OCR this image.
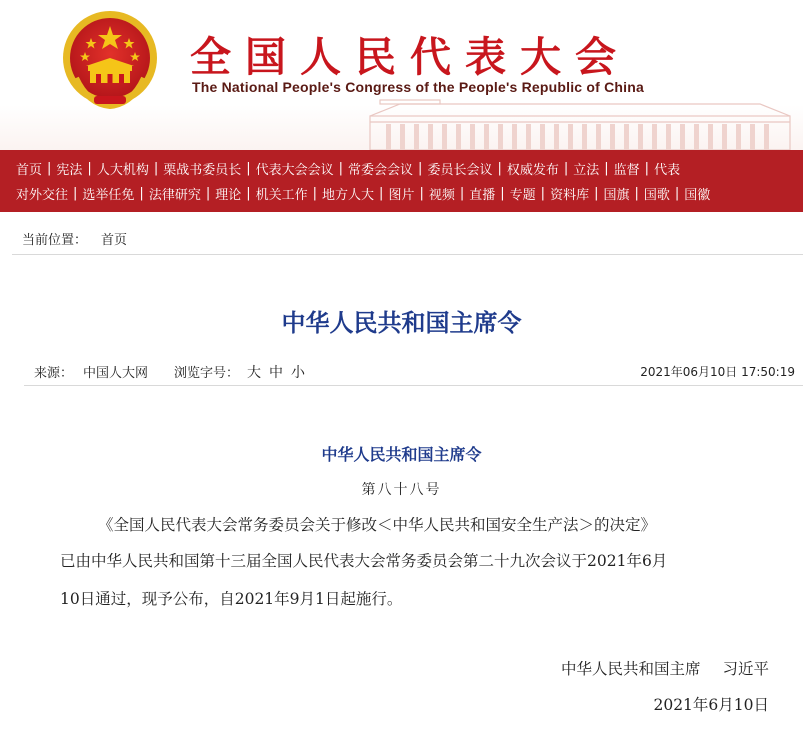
全国人民代表大会
The National People's Congress of the People's Republic of China
首页 | 宪法 | 人大机构 | 栗战书委员长 | 代表大会会议 | 常委会会议 | 委员长会议 | 权威发布 | 立法 | 监督 | 代表
对外交往 | 选举任免 | 法律研究 | 理论 | 机关工作 | 地方人大 | 图片 | 视频 | 直播 | 专题 | 资料库 | 国旗 | 国歌 | 国徽
当前位置： 首页
中华人民共和国主席令
来源： 中国人大网 浏览字号： 大 中 小	2021年06月10日 17:50:19
中华人民共和国主席令
第八十八号
《全国人民代表大会常务委员会关于修改＜中华人民共和国安全生产法＞的决定》
已由中华人民共和国第十三届全国人民代表大会常务委员会第二十九次会议于2021年6月
10日通过，现予公布，自2021年9月1日起施行。
中华人民共和国主席 习近平
2021年6月10日
